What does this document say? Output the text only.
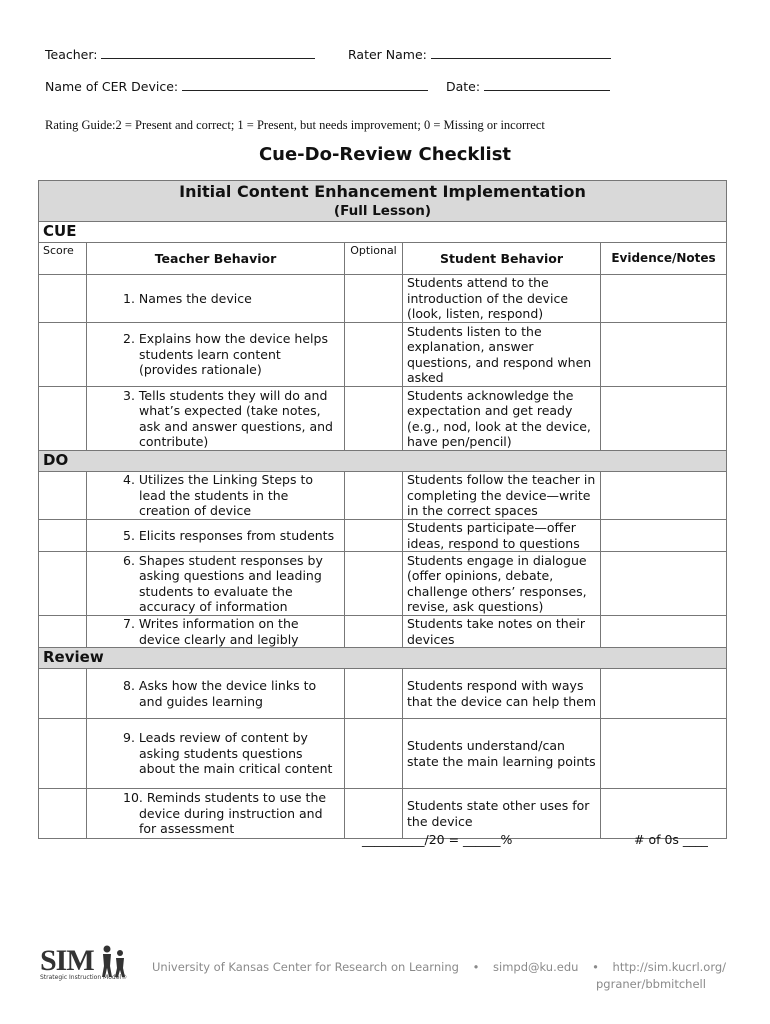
Teacher:	Rater Name:
Name of CER Device:	Date:
Rating Guide:2 = Present and correct; 1 = Present, but needs improvement; 0 = Missing or incorrect
Cue-Do-Review Checklist
Initial Content Enhancement Implementation
(Full Lesson)				

CUE				
Score	Teacher Behavior	Optional	Student Behavior	Evidence/Notes
	1. Names the device		Students attend to the introduction of the device (look, listen, respond)	
	2. Explains how the device helps students learn content (provides rationale)		Students listen to the explanation, answer questions, and respond when asked	
	3. Tells students they will do and what’s expected (take notes, ask and answer questions, and contribute)		Students acknowledge the expectation and get ready (e.g., nod, look at the device, have pen/pencil)	
DO				
	4. Utilizes the Linking Steps to lead the students in the creation of device		Students follow the teacher in completing the device—write in the correct spaces	
	5. Elicits responses from students		Students participate—offer ideas, respond to questions	
	6. Shapes student responses by asking questions and leading students to evaluate the accuracy of information		Students engage in dialogue (offer opinions, debate, challenge others’ responses, revise, ask questions)	
	7. Writes information on the device clearly and legibly		Students take notes on their devices	
Review				
	8. Asks how the device links to and guides learning		Students respond with ways that the device can help them	
	9. Leads review of content by asking students questions about the main critical content		Students understand/can state the main learning points	
	10. Reminds students to use the device during instruction and for assessment		Students state other uses for the device	
__________/20 = ______%	# of 0s ____
SIM
Strategic Instruction Model®
University of Kansas Center for Research on Learning • simpd@ku.edu • http://sim.kucrl.org/
pgraner/bbmitchell
